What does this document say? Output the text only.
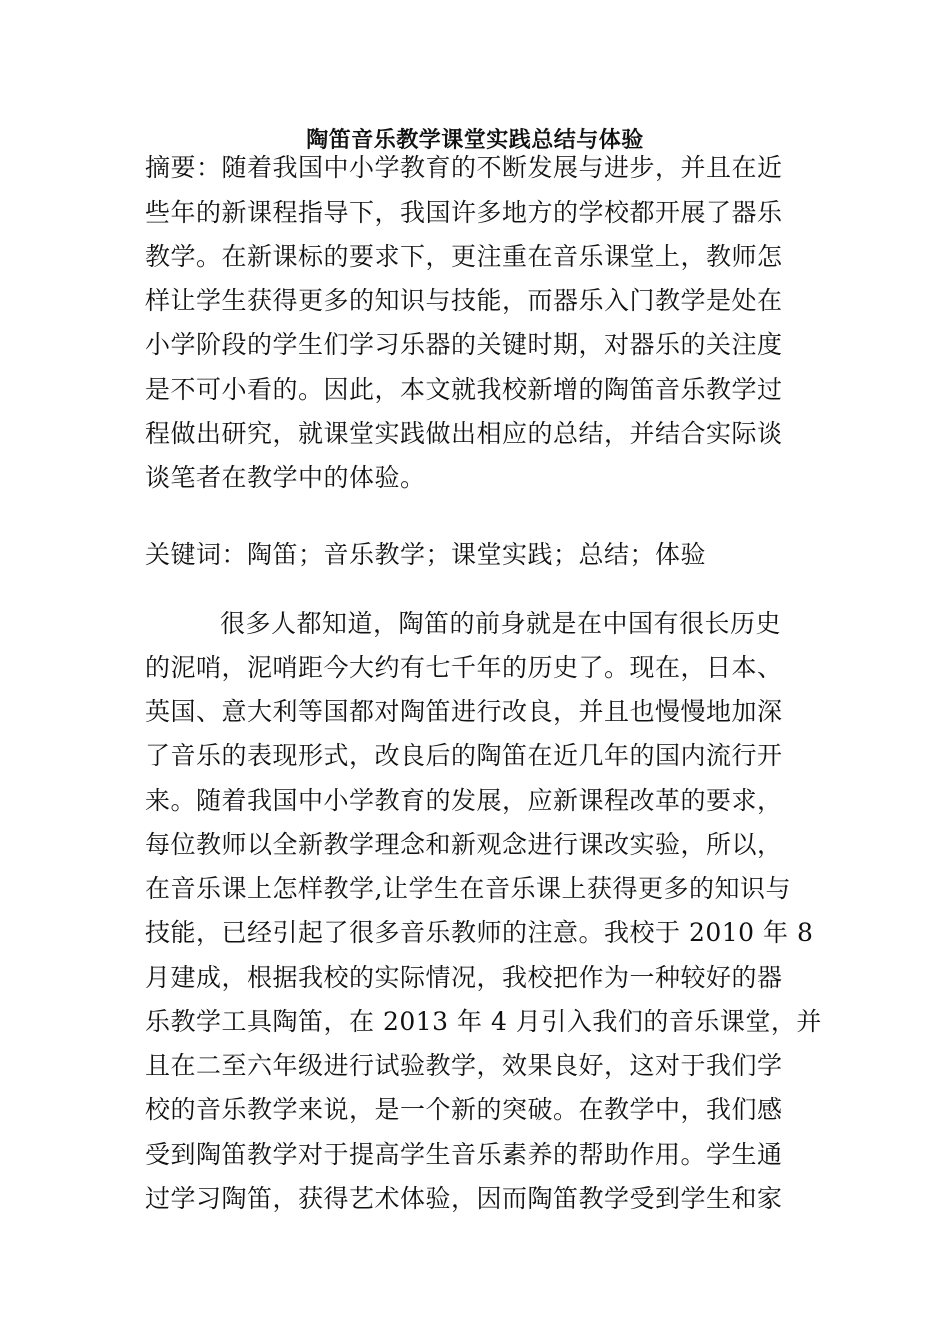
陶笛音乐教学课堂实践总结与体验
摘要：随着我国中小学教育的不断发展与进步，并且在近
些年的新课程指导下，我国许多地方的学校都开展了器乐
教学。在新课标的要求下，更注重在音乐课堂上，教师怎
样让学生获得更多的知识与技能，而器乐入门教学是处在
小学阶段的学生们学习乐器的关键时期，对器乐的关注度
是不可小看的。因此，本文就我校新增的陶笛音乐教学过
程做出研究，就课堂实践做出相应的总结，并结合实际谈
谈笔者在教学中的体验。
关键词：陶笛；音乐教学；课堂实践；总结；体验
很多人都知道，陶笛的前身就是在中国有很长历史
的泥哨，泥哨距今大约有七千年的历史了。现在，日本、
英国、意大利等国都对陶笛进行改良，并且也慢慢地加深
了音乐的表现形式，改良后的陶笛在近几年的国内流行开
来。随着我国中小学教育的发展，应新课程改革的要求，
每位教师以全新教学理念和新观念进行课改实验，所以，
在音乐课上怎样教学,让学生在音乐课上获得更多的知识与
技能，已经引起了很多音乐教师的注意。我校于 2010 年 8
月建成，根据我校的实际情况，我校把作为一种较好的器
乐教学工具陶笛，在 2013 年 4 月引入我们的音乐课堂，并
且在二至六年级进行试验教学，效果良好，这对于我们学
校的音乐教学来说，是一个新的突破。在教学中，我们感
受到陶笛教学对于提高学生音乐素养的帮助作用。学生通
过学习陶笛，获得艺术体验，因而陶笛教学受到学生和家
